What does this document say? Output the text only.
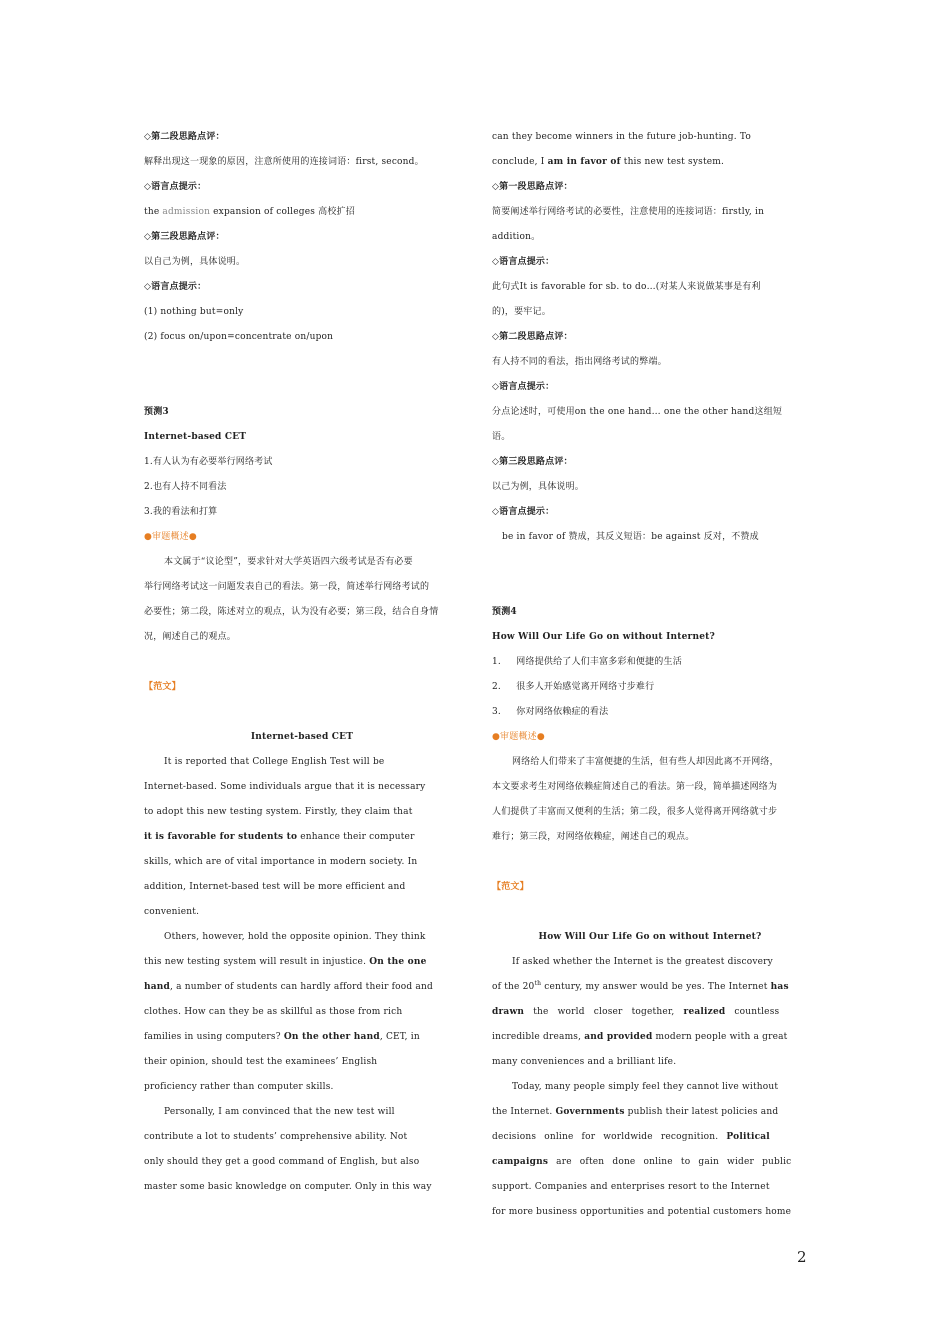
◇第二段思路点评：
解释出现这一现象的原因，注意所使用的连接词语：first, second。
◇语言点提示：
the admission expansion of colleges 高校扩招
◇第三段思路点评：
以自己为例，具体说明。
◇语言点提示：
(1) nothing but=only
(2) focus on/upon=concentrate on/upon
预测3
Internet-based CET
1.有人认为有必要举行网络考试
2.也有人持不同看法
3.我的看法和打算
●审题概述●
本文属于“议论型”，要求针对大学英语四六级考试是否有必要
举行网络考试这一问题发表自己的看法。第一段，简述举行网络考试的
必要性；第二段，陈述对立的观点，认为没有必要；第三段，结合自身情
况，阐述自己的观点。
【范文】
Internet-based CET
It is reported that College English Test will be
Internet-based. Some individuals argue that it is necessary
to adopt this new testing system. Firstly, they claim that
it is favorable for students to enhance their computer
skills, which are of vital importance in modern society. In
addition, Internet-based test will be more efficient and
convenient.
Others, however, hold the opposite opinion. They think
this new testing system will result in injustice. On the one
hand, a number of students can hardly afford their food and
clothes. How can they be as skillful as those from rich
families in using computers? On the other hand, CET, in
their opinion, should test the examinees’ English
proficiency rather than computer skills.
Personally, I am convinced that the new test will
contribute a lot to students’ comprehensive ability. Not
only should they get a good command of English, but also
master some basic knowledge on computer. Only in this way
can they become winners in the future job-hunting. To
conclude, I am in favor of this new test system.
◇第一段思路点评：
简要阐述举行网络考试的必要性，注意使用的连接词语：firstly, in
addition。
◇语言点提示：
此句式It is favorable for sb. to do…(对某人来说做某事是有利
的)，要牢记。
◇第二段思路点评：
有人持不同的看法，指出网络考试的弊端。
◇语言点提示：
分点论述时，可使用on the one hand… one the other hand这组短
语。
◇第三段思路点评：
以己为例，具体说明。
◇语言点提示：
be in favor of 赞成，其反义短语：be against 反对，不赞成
预测4
How Will Our Life Go on without Internet?
1.     网络提供给了人们丰富多彩和便捷的生活
2.     很多人开始感觉离开网络寸步难行
3.     你对网络依赖症的看法
●审题概述●
网络给人们带来了丰富便捷的生活，但有些人却因此离不开网络，
本文要求考生对网络依赖症简述自己的看法。第一段，简单描述网络为
人们提供了丰富而又便利的生活；第二段，很多人觉得离开网络就寸步
难行；第三段，对网络依赖症，阐述自己的观点。
【范文】
How Will Our Life Go on without Internet?
If asked whether the Internet is the greatest discovery
of the 20th century, my answer would be yes. The Internet has
drawn the world closer together, realized countless
incredible dreams, and provided modern people with a great
many conveniences and a brilliant life.
Today, many people simply feel they cannot live without
the Internet. Governments publish their latest policies and
decisions online for worldwide recognition. Political
campaigns are often done online to gain wider public
support. Companies and enterprises resort to the Internet
for more business opportunities and potential customers home
2
